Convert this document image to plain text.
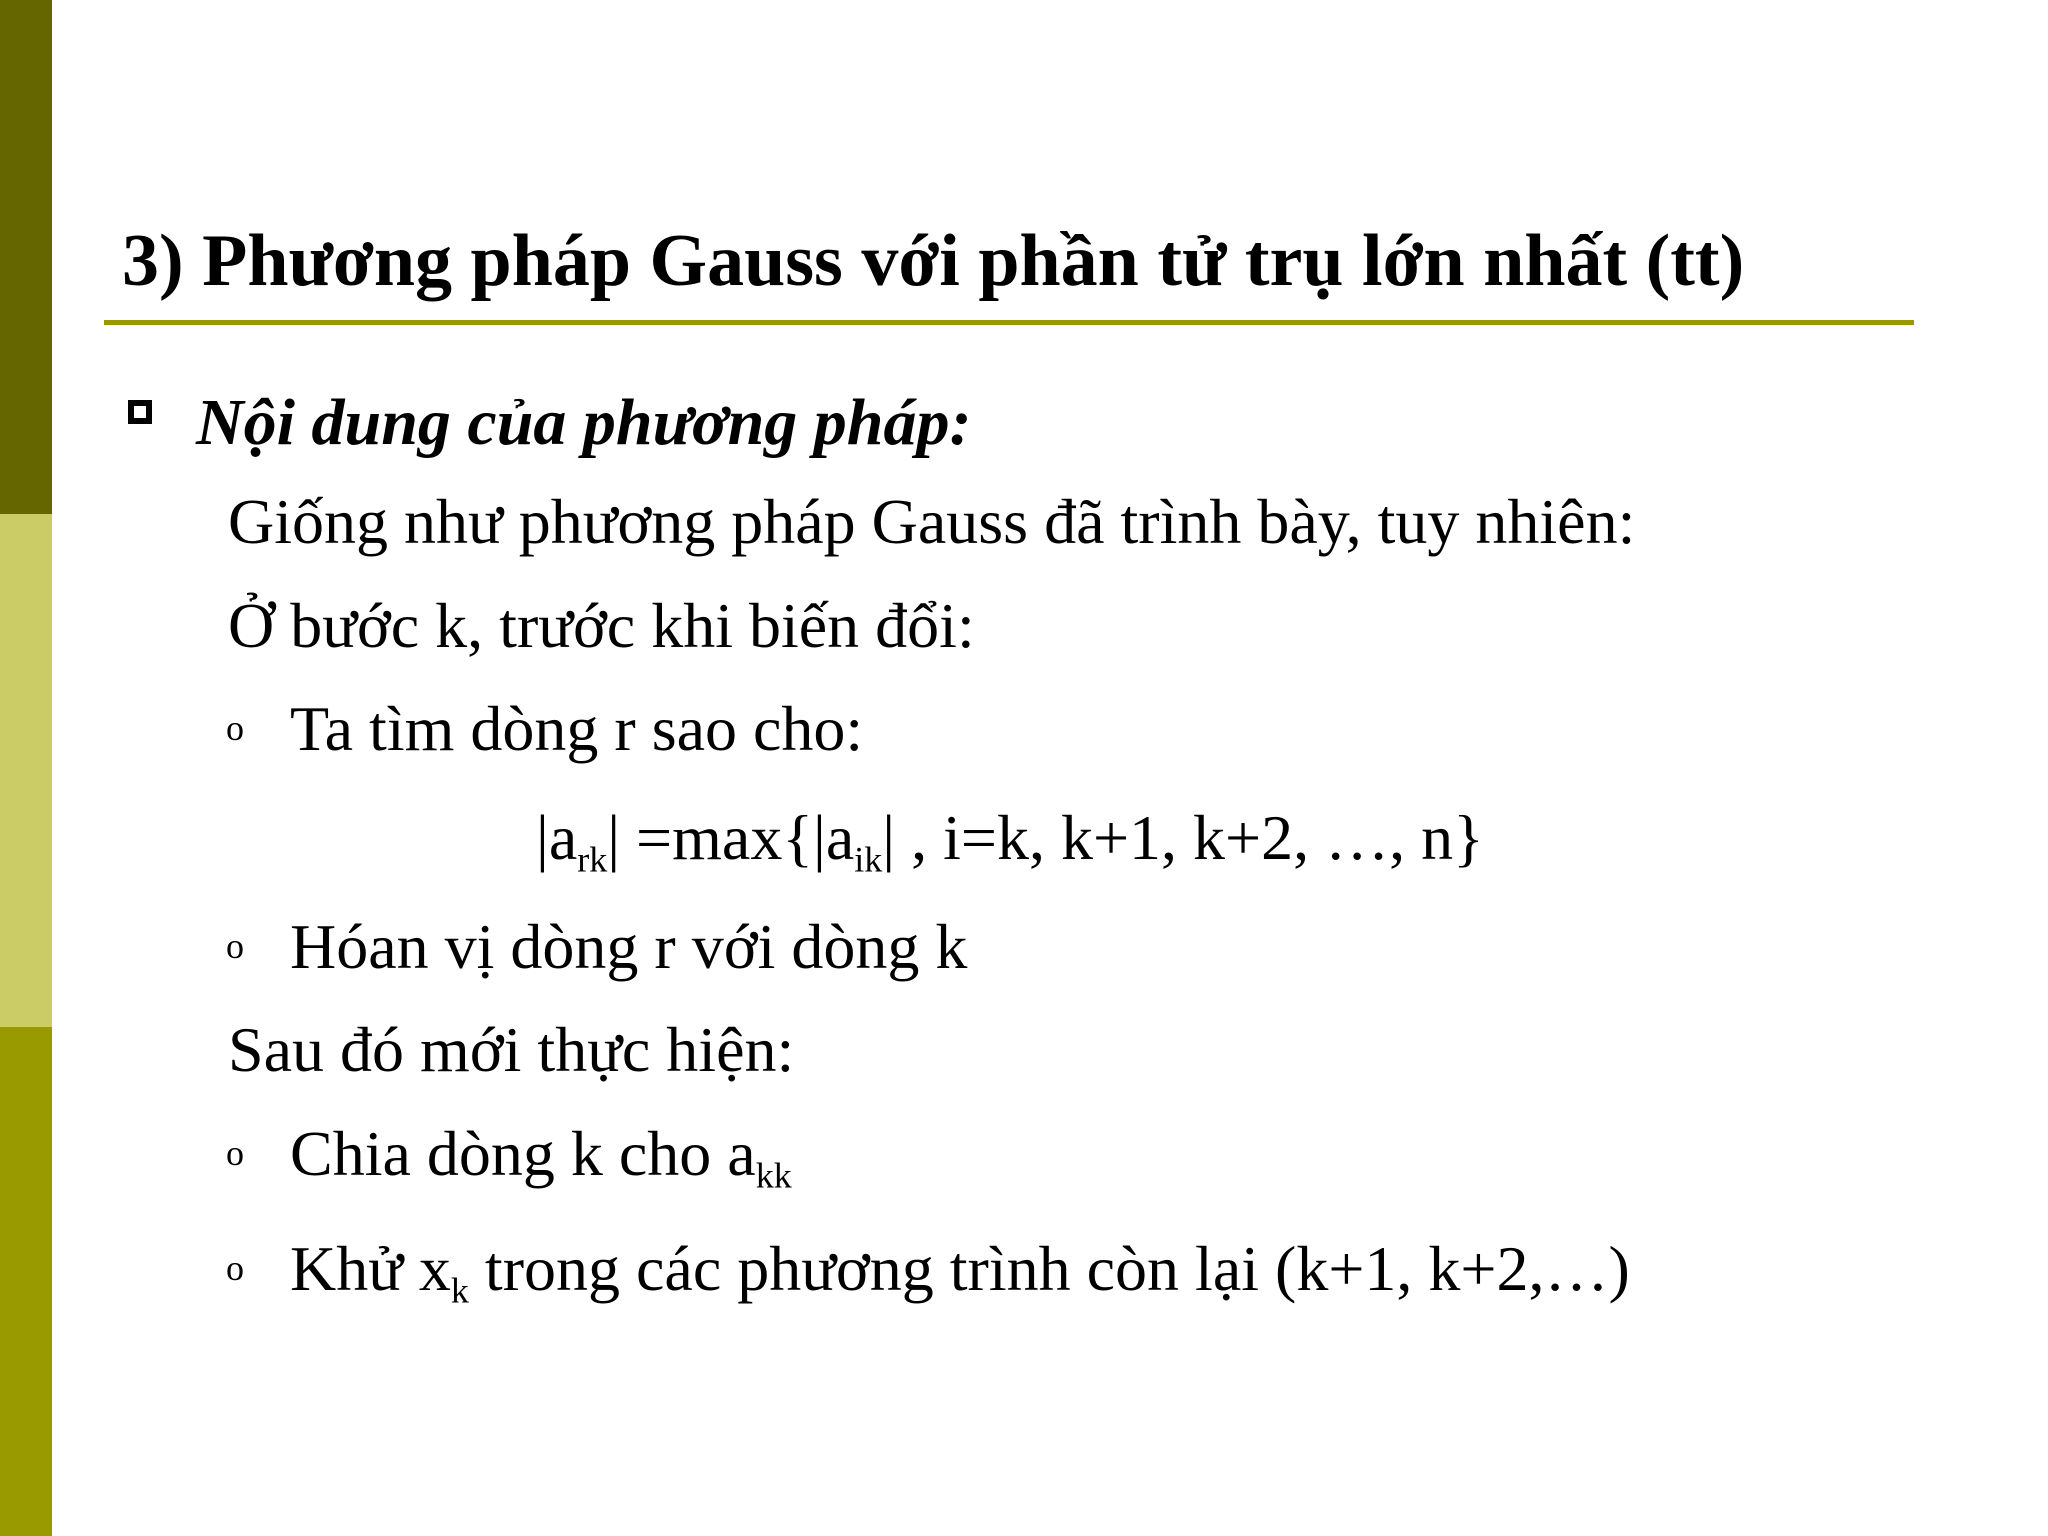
3) Phương pháp Gauss với phần tử trụ lớn nhất (tt)

Nội dung của phương pháp:

Giống như phương pháp Gauss đã trình bày, tuy nhiên:

Ở bước k, trước khi biến đổi:

o Ta tìm dòng r sao cho:

$|a_{rk}| =\max\{|a_{ik}|$ , i=k, k+1, k+2, …, n}

o Hóan vị dòng r với dòng k

Sau đó mới thực hiện:

o Chia dòng k cho $a_{kk}$

o Khử $x_k$ trong các phương trình còn lại (k+1, k+2,…)
